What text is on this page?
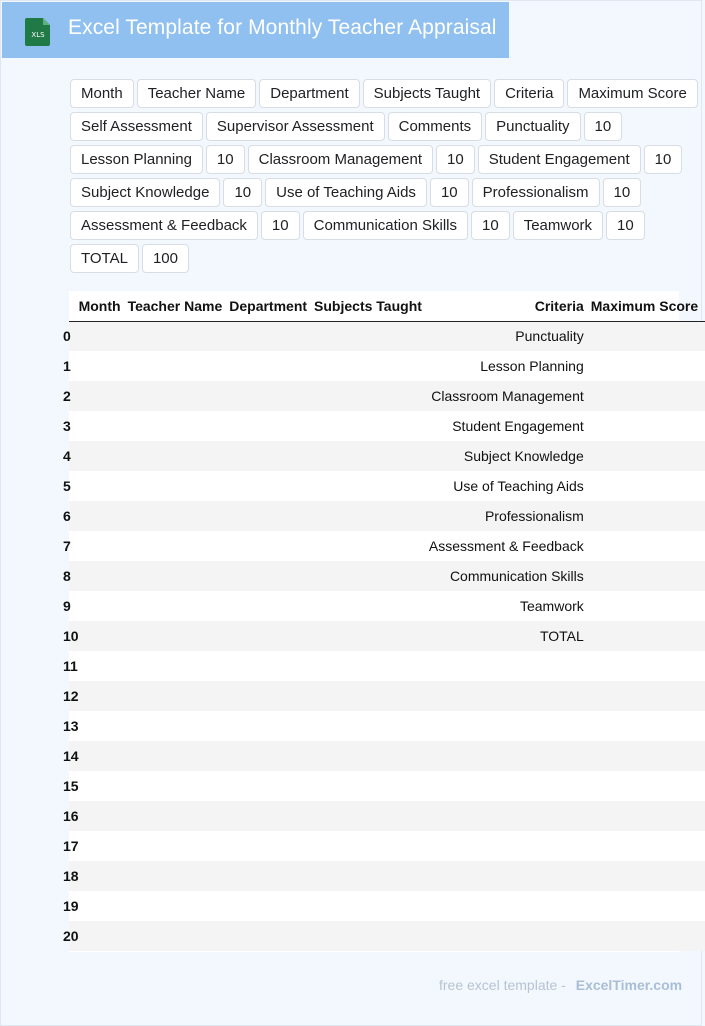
XLS Excel Template for Monthly Teacher Appraisal
Month	Teacher Name	Department	Subjects Taught	Criteria	Maximum Score
Self Assessment	Supervisor Assessment	Comments	Punctuality	10
Lesson Planning	10	Classroom Management	10	Student Engagement	10
Subject Knowledge	10	Use of Teaching Aids	10	Professionalism	10
Assessment & Feedback	10	Communication Skills	10	Teamwork	10
TOTAL	100
	Month	Teacher Name	Department	Subjects Taught	Criteria	Maximum Score
0					Punctuality	
1					Lesson Planning	
2					Classroom Management	
3					Student Engagement	
4					Subject Knowledge	
5					Use of Teaching Aids	
6					Professionalism	
7					Assessment & Feedback	
8					Communication Skills	
9					Teamwork	
10					TOTAL	
11						
12						
13						
14						
15						
16						
17						
18						
19						
20						
free excel template - ExcelTimer.com
